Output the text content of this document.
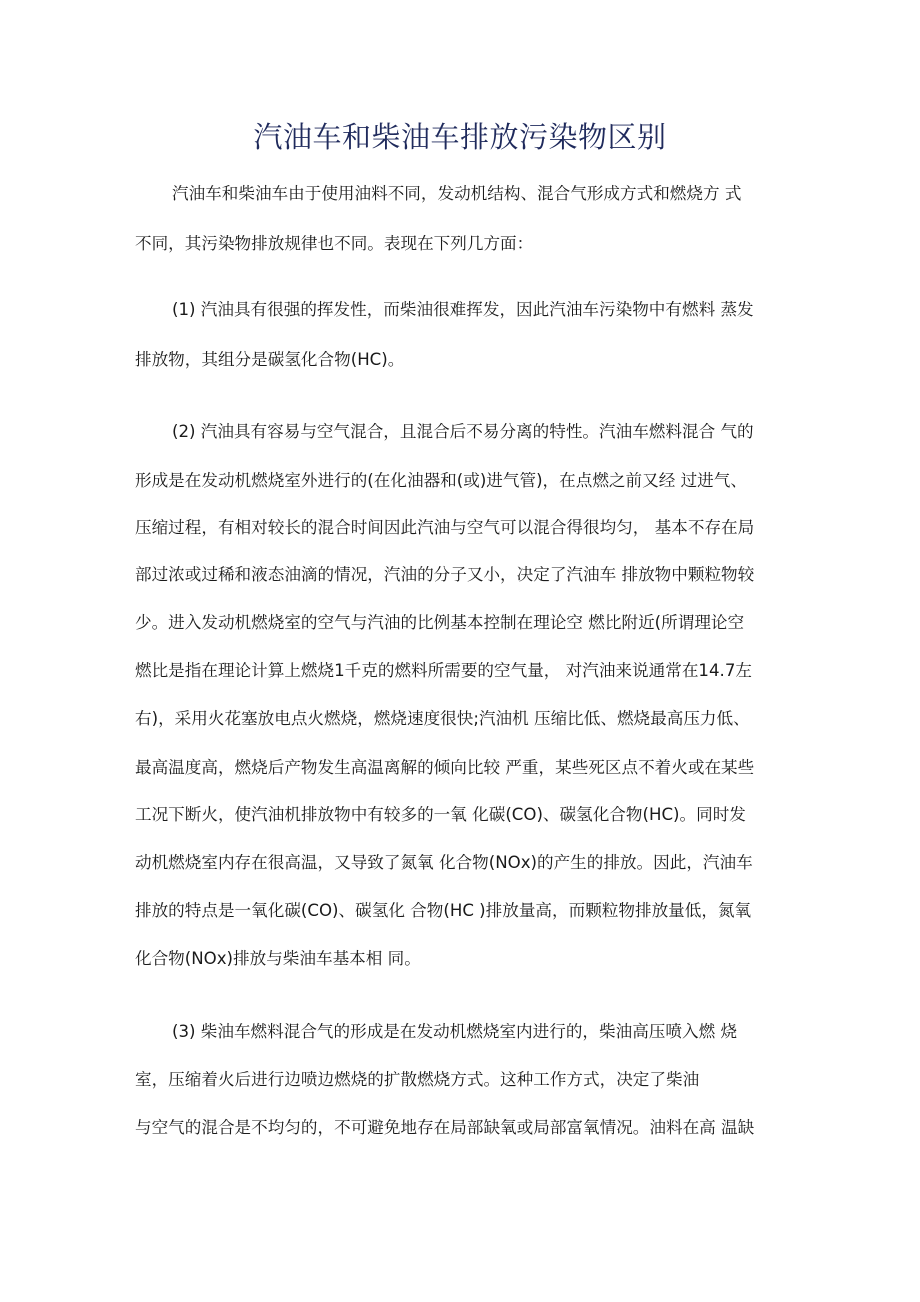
汽油车和柴油车排放污染物区别
汽油车和柴油车由于使用油料不同，发动机结构、混合气形成方式和燃烧方 式
不同，其污染物排放规律也不同。表现在下列几方面：
(1) 汽油具有很强的挥发性，而柴油很难挥发，因此汽油车污染物中有燃料 蒸发
排放物，其组分是碳氢化合物(HC)。
(2) 汽油具有容易与空气混合，且混合后不易分离的特性。汽油车燃料混合 气的
形成是在发动机燃烧室外进行的(在化油器和(或)进气管)，在点燃之前又经 过进气、
压缩过程，有相对较长的混合时间因此汽油与空气可以混合得很均匀， 基本不存在局
部过浓或过稀和液态油滴的情况，汽油的分子又小，决定了汽油车 排放物中颗粒物较
少。进入发动机燃烧室的空气与汽油的比例基本控制在理论空 燃比附近(所谓理论空
燃比是指在理论计算上燃烧1千克的燃料所需要的空气量， 对汽油来说通常在14.7左
右)，采用火花塞放电点火燃烧，燃烧速度很快;汽油机 压缩比低、燃烧最高压力低、
最高温度高，燃烧后产物发生高温离解的倾向比较 严重，某些死区点不着火或在某些
工况下断火，使汽油机排放物中有较多的一氧 化碳(CO)、碳氢化合物(HC)。同时发
动机燃烧室内存在很高温，又导致了氮氧 化合物(NOx)的产生的排放。因此，汽油车
排放的特点是一氧化碳(CO)、碳氢化 合物(HC )排放量高，而颗粒物排放量低，氮氧
化合物(NOx)排放与柴油车基本相 同。
(3) 柴油车燃料混合气的形成是在发动机燃烧室内进行的，柴油高压喷入燃 烧
室，压缩着火后进行边喷边燃烧的扩散燃烧方式。这种工作方式，决定了柴油
与空气的混合是不均匀的，不可避免地存在局部缺氧或局部富氧情况。油料在高 温缺
